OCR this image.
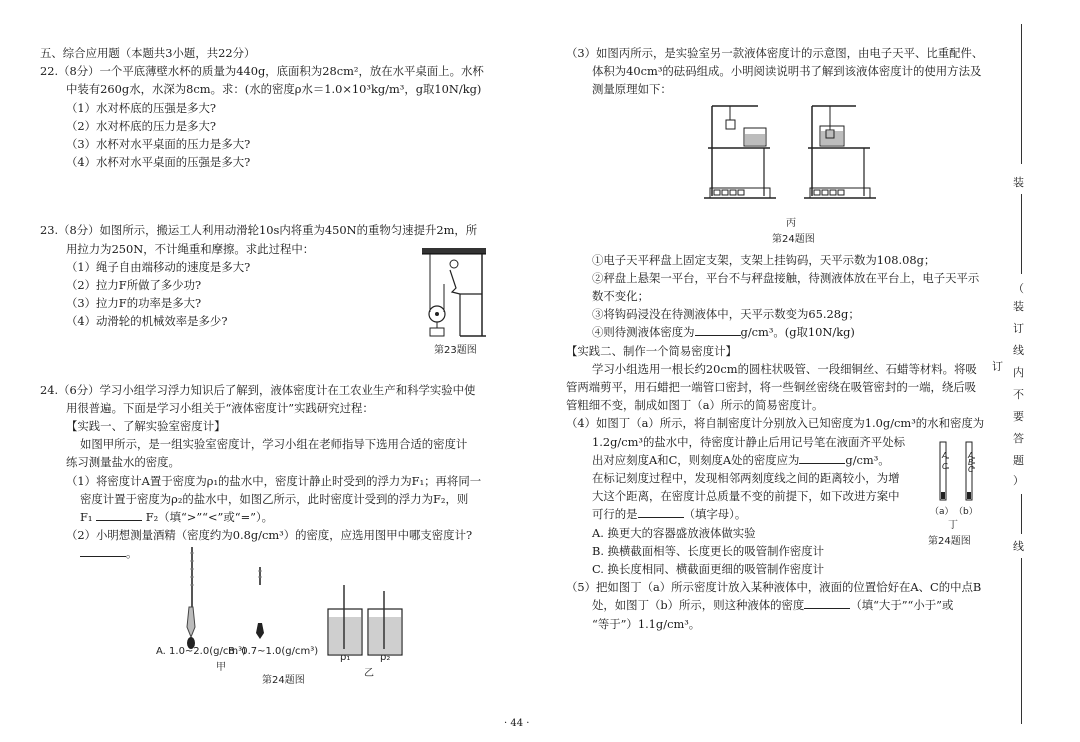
五、综合应用题（本题共3小题，共22分）

22.（8分）一个平底薄壁水杯的质量为440g，底面积为28cm²，放在水平桌面上。水杯

中装有260g水，水深为8cm。求：(水的密度ρ水＝1.0×10³kg/m³，g取10N/kg)

（1）水对杯底的压强是多大?

（2）水对杯底的压力是多大?

（3）水杯对水平桌面的压力是多大?

（4）水杯对水平桌面的压强是多大?

23.（8分）如图所示，搬运工人利用动滑轮10s内将重为450N的重物匀速提升2m，所

用拉力为250N，不计绳重和摩擦。求此过程中：

（1）绳子自由端移动的速度是多大?

（2）拉力F所做了多少功?

（3）拉力F的功率是多大?

（4）动滑轮的机械效率是多少?

24.（6分）学习小组学习浮力知识后了解到，液体密度计在工农业生产和科学实验中使

用很普遍。下面是学习小组关于“液体密度计”实践研究过程：

【实践一、了解实验室密度计】

如图甲所示，是一组实验室密度计，学习小组在老师指导下选用合适的密度计

练习测量盐水的密度。

（1）将密度计A置于密度为ρ₁的盐水中，密度计静止时受到的浮力为F₁；再将同一

密度计置于密度为ρ₂的盐水中，如图乙所示，此时密度计受到的浮力为F₂，则

F₁	F₂（填“>”“<”或“=”）。

（2）小明想测量酒精（密度约为0.8g/cm³）的密度，应选用图甲中哪支密度计?

。

第23题图
A. 1.0~2.0(g/cm³)
B. 0.7~1.0(g/cm³)
甲
ρ₁	ρ₂
乙
第24题图

（3）如图丙所示，是实验室另一款液体密度计的示意图，由电子天平、比重配件、

体积为40cm³的砝码组成。小明阅读说明书了解到该液体密度计的使用方法及

测量原理如下：

①电子天平秤盘上固定支架，支架上挂钩码，天平示数为108.08g；

②秤盘上悬架一平台，平台不与秤盘接触，待测液体放在平台上，电子天平示

数不变化；

③将钩码浸没在待测液体中，天平示数变为65.28g；

④则待测液体密度为	g/cm³。(g取10N/kg)

【实践二、制作一个简易密度计】

学习小组选用一根长约20cm的圆柱状吸管、一段细铜丝、石蜡等材料。将吸

管两端剪平，用石蜡把一端管口密封，将一些铜丝密绕在吸管密封的一端，绕后吸

管粗细不变，制成如图丁（a）所示的简易密度计。

（4）如图丁（a）所示，将自制密度计分别放入已知密度为1.0g/cm³的水和密度为

1.2g/cm³的盐水中，待密度计静止后用记号笔在液面齐平处标

出对应刻度A和C，则刻度A处的密度应为	g/cm³。

在标记刻度过程中，发现相邻两刻度线之间的距离较小，为增

大这个距离，在密度计总质量不变的前提下，如下改进方案中

可行的是	（填字母）。

A. 换更大的容器盛放液体做实验

B. 换横截面相等、长度更长的吸管制作密度计

C. 换长度相同、横截面更细的吸管制作密度计

（5）把如图丁（a）所示密度计放入某种液体中，液面的位置恰好在A、C的中点B

处，如图丁（b）所示，则这种液体的密度	（填“大于”“小于”或

“等于”）1.1g/cm³。

丙
第24题图
A
C
A
B
C
（a） （b）
丁
第24题图
· 44 ·
装
（
装
订
线
内
不
要
答
题
）
线
订
